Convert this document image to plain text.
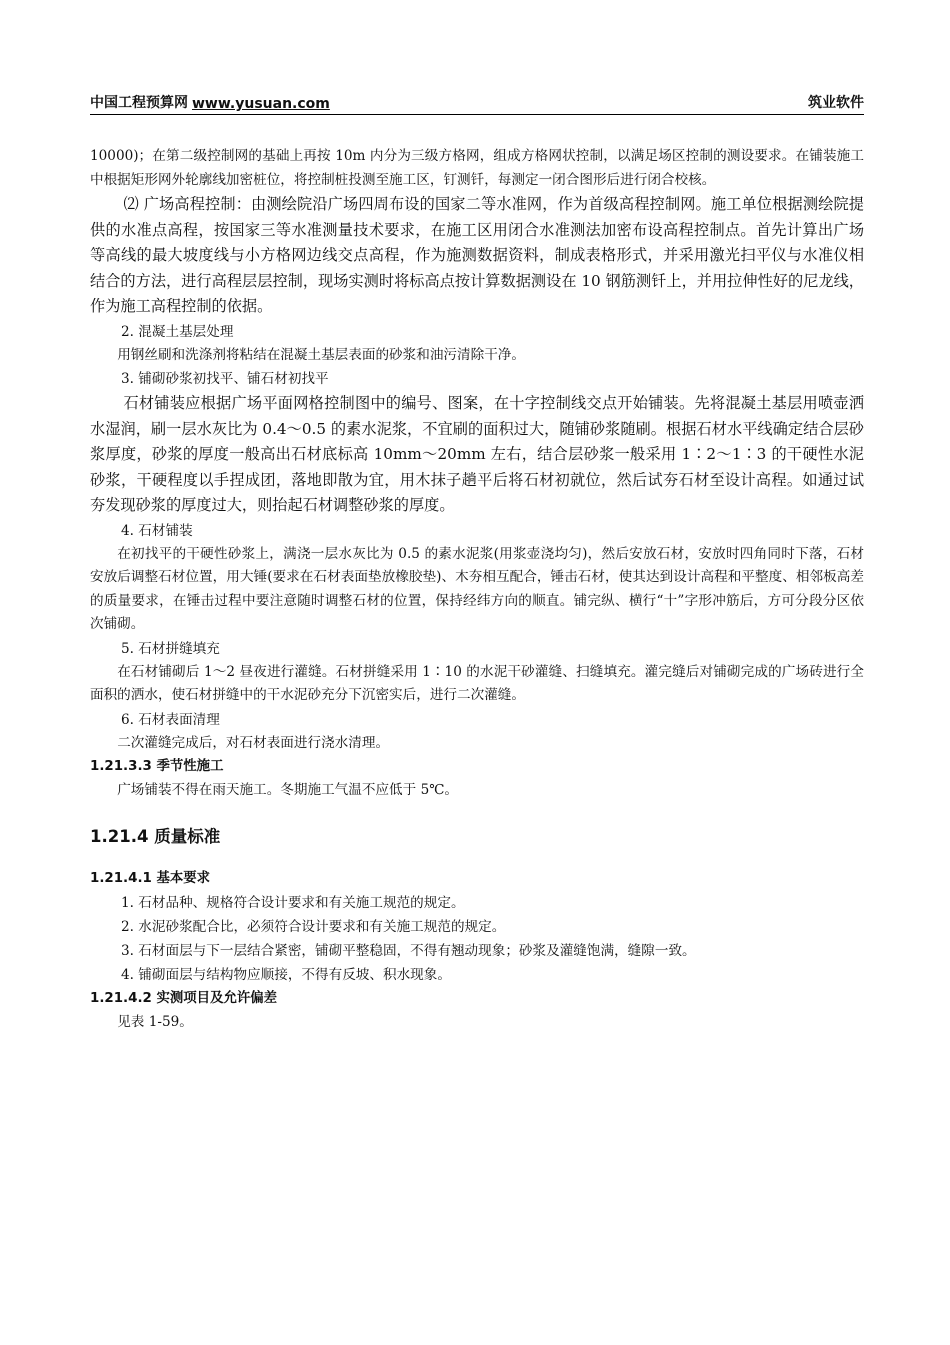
中国工程预算网 www.yusuan.com	筑业软件

10000)；在第二级控制网的基础上再按 10m 内分为三级方格网，组成方格网状控制，以满足场区控制的测设要求。在铺装施工中根据矩形网外轮廓线加密桩位，将控制桩投测至施工区，钉测钎，每测定一闭合图形后进行闭合校核。

⑵ 广场高程控制：由测绘院沿广场四周布设的国家二等水准网，作为首级高程控制网。施工单位根据测绘院提供的水准点高程，按国家三等水准测量技术要求，在施工区用闭合水准测法加密布设高程控制点。首先计算出广场等高线的最大坡度线与小方格网边线交点高程，作为施测数据资料，制成表格形式，并采用激光扫平仪与水准仪相结合的方法，进行高程层层控制，现场实测时将标高点按计算数据测设在 10 钢筋测钎上，并用拉伸性好的尼龙线，作为施工高程控制的依据。

2. 混凝土基层处理

用钢丝刷和洗涤剂将粘结在混凝土基层表面的砂浆和油污清除干净。

3. 铺砌砂浆初找平、铺石材初找平

石材铺装应根据广场平面网格控制图中的编号、图案，在十字控制线交点开始铺装。先将混凝土基层用喷壶洒水湿润，刷一层水灰比为 0.4～0.5 的素水泥浆，不宜刷的面积过大，随铺砂浆随刷。根据石材水平线确定结合层砂浆厚度，砂浆的厚度一般高出石材底标高 10mm～20mm 左右，结合层砂浆一般采用 1∶2～1∶3 的干硬性水泥砂浆，干硬程度以手捏成团，落地即散为宜，用木抹子趟平后将石材初就位，然后试夯石材至设计高程。如通过试夯发现砂浆的厚度过大，则抬起石材调整砂浆的厚度。

4. 石材铺装

在初找平的干硬性砂浆上，满浇一层水灰比为 0.5 的素水泥浆(用浆壶浇均匀)，然后安放石材，安放时四角同时下落，石材安放后调整石材位置，用大锤(要求在石材表面垫放橡胶垫)、木夯相互配合，锤击石材，使其达到设计高程和平整度、相邻板高差的质量要求，在锤击过程中要注意随时调整石材的位置，保持经纬方向的顺直。铺完纵、横行“十”字形冲筋后，方可分段分区依次铺砌。

5. 石材拼缝填充

在石材铺砌后 1～2 昼夜进行灌缝。石材拼缝采用 1∶10 的水泥干砂灌缝、扫缝填充。灌完缝后对铺砌完成的广场砖进行全面积的洒水，使石材拼缝中的干水泥砂充分下沉密实后，进行二次灌缝。

6. 石材表面清理

二次灌缝完成后，对石材表面进行浇水清理。

1.21.3.3 季节性施工

广场铺装不得在雨天施工。冬期施工气温不应低于 5℃。

1.21.4 质量标准

1.21.4.1 基本要求

1. 石材品种、规格符合设计要求和有关施工规范的规定。

2. 水泥砂浆配合比，必须符合设计要求和有关施工规范的规定。

3. 石材面层与下一层结合紧密，铺砌平整稳固，不得有翘动现象；砂浆及灌缝饱满，缝隙一致。

4. 铺砌面层与结构物应顺接，不得有反坡、积水现象。

1.21.4.2 实测项目及允许偏差

见表 1-59。
